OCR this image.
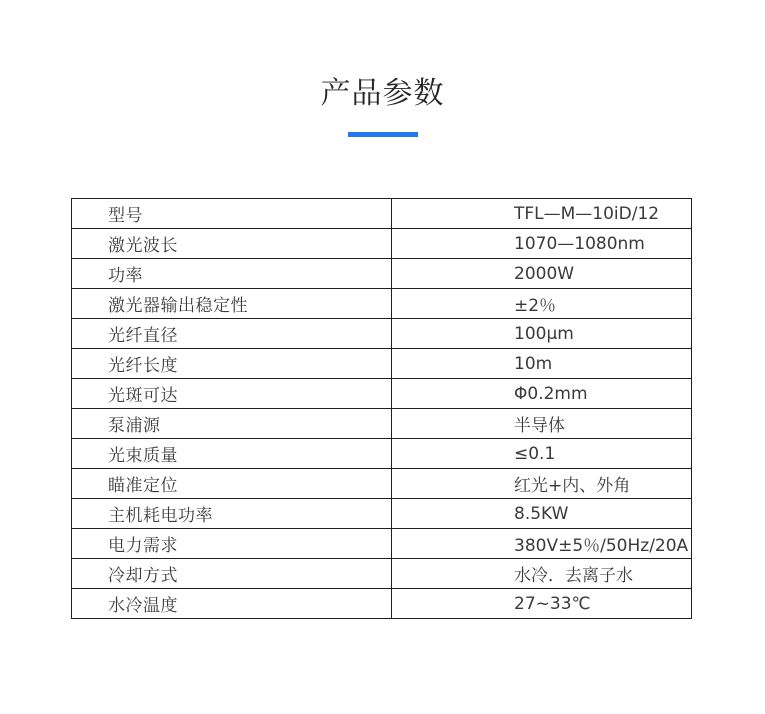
产品参数
型号	TFL—M—10iD/12
激光波长	1070—1080nm
功率	2000W
激光器输出稳定性	±2％
光纤直径	100μm
光纤长度	10m
光斑可达	Φ0.2mm
泵浦源	半导体
光束质量	≤0.1
瞄准定位	红光+内、外角
主机耗电功率	8.5KW
电力需求	380V±5％/50Hz/20A
冷却方式	水冷．去离子水
水冷温度	27~33℃
